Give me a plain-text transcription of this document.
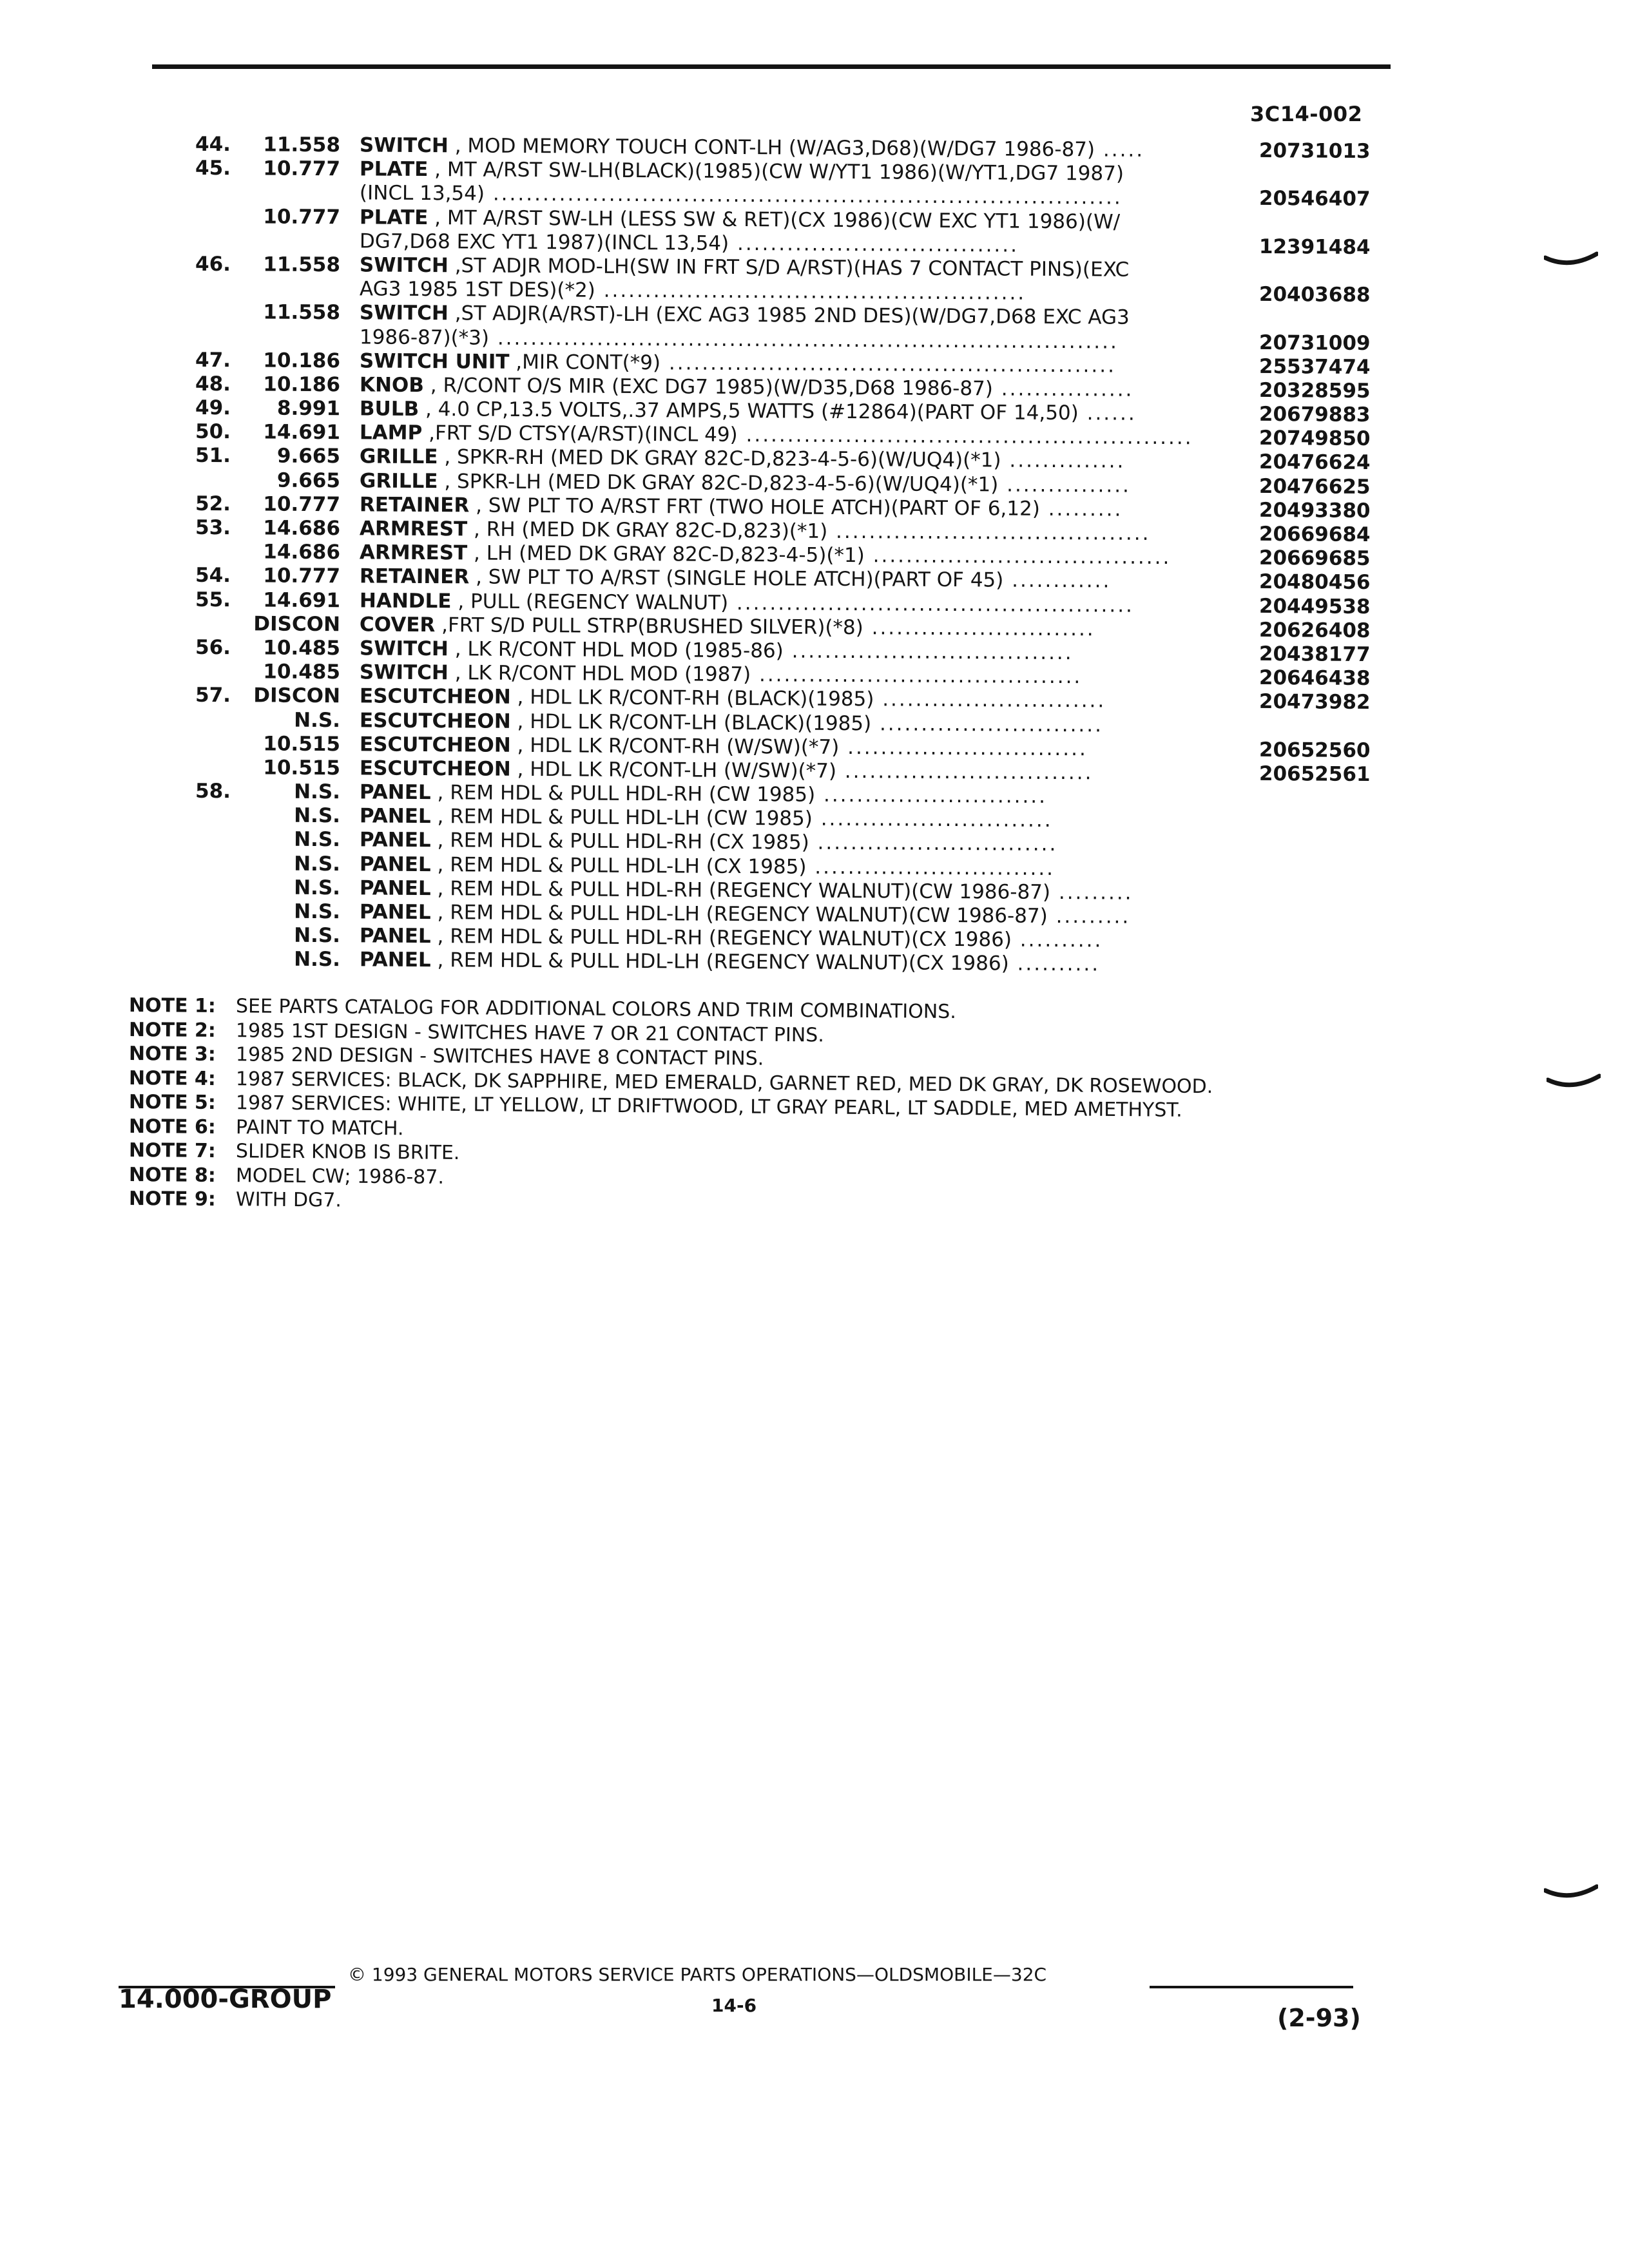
3C14-002
44.	11.558 SWITCH , MOD MEMORY TOUCH CONT-LH (W/AG3,D68)(W/DG7 1986-87) .....	20731013
45.	10.777 PLATE , MT A/RST SW-LH(BLACK)(1985)(CW W/YT1 1986)(W/YT1,DG7 1987)
(INCL 13,54) ............................................................................	20546407
10.777 PLATE , MT A/RST SW-LH (LESS SW & RET)(CX 1986)(CW EXC YT1 1986)(W/
DG7,D68 EXC YT1 1987)(INCL 13,54) ..................................	12391484
46.	11.558 SWITCH ,ST ADJR MOD-LH(SW IN FRT S/D A/RST)(HAS 7 CONTACT PINS)(EXC
AG3 1985 1ST DES)(*2) ...................................................	20403688
11.558 SWITCH ,ST ADJR(A/RST)-LH (EXC AG3 1985 2ND DES)(W/DG7,D68 EXC AG3
1986-87)(*3) ...........................................................................	20731009
47.	10.186 SWITCH UNIT ,MIR CONT(*9) ......................................................	25537474
48.	10.186 KNOB , R/CONT O/S MIR (EXC DG7 1985)(W/D35,D68 1986-87) ................	20328595
49.	8.991 BULB , 4.0 CP,13.5 VOLTS,.37 AMPS,5 WATTS (#12864)(PART OF 14,50) ......	20679883
50.	14.691 LAMP ,FRT S/D CTSY(A/RST)(INCL 49) ......................................................	20749850
51.	9.665 GRILLE , SPKR-RH (MED DK GRAY 82C-D,823-4-5-6)(W/UQ4)(*1) ..............	20476624
9.665 GRILLE , SPKR-LH (MED DK GRAY 82C-D,823-4-5-6)(W/UQ4)(*1) ...............	20476625
52.	10.777 RETAINER , SW PLT TO A/RST FRT (TWO HOLE ATCH)(PART OF 6,12) .........	20493380
53.	14.686 ARMREST , RH (MED DK GRAY 82C-D,823)(*1) ......................................	20669684
14.686 ARMREST , LH (MED DK GRAY 82C-D,823-4-5)(*1) ....................................	20669685
54.	10.777 RETAINER , SW PLT TO A/RST (SINGLE HOLE ATCH)(PART OF 45) ............	20480456
55.	14.691 HANDLE , PULL (REGENCY WALNUT) ................................................	20449538
DISCON COVER ,FRT S/D PULL STRP(BRUSHED SILVER)(*8) ...........................	20626408
56.	10.485 SWITCH , LK R/CONT HDL MOD (1985-86) ..................................	20438177
10.485 SWITCH , LK R/CONT HDL MOD (1987) .......................................	20646438
57.	DISCON ESCUTCHEON , HDL LK R/CONT-RH (BLACK)(1985) ...........................	20473982
N.S. ESCUTCHEON , HDL LK R/CONT-LH (BLACK)(1985) ...........................
10.515 ESCUTCHEON , HDL LK R/CONT-RH (W/SW)(*7) .............................	20652560
10.515 ESCUTCHEON , HDL LK R/CONT-LH (W/SW)(*7) ..............................	20652561
58.	N.S. PANEL , REM HDL & PULL HDL-RH (CW 1985) ...........................
N.S. PANEL , REM HDL & PULL HDL-LH (CW 1985) ............................
N.S. PANEL , REM HDL & PULL HDL-RH (CX 1985) .............................
N.S. PANEL , REM HDL & PULL HDL-LH (CX 1985) .............................
N.S. PANEL , REM HDL & PULL HDL-RH (REGENCY WALNUT)(CW 1986-87) .........
N.S. PANEL , REM HDL & PULL HDL-LH (REGENCY WALNUT)(CW 1986-87) .........
N.S. PANEL , REM HDL & PULL HDL-RH (REGENCY WALNUT)(CX 1986) ..........
N.S. PANEL , REM HDL & PULL HDL-LH (REGENCY WALNUT)(CX 1986) ..........
NOTE 1: SEE PARTS CATALOG FOR ADDITIONAL COLORS AND TRIM COMBINATIONS.
NOTE 2: 1985 1ST DESIGN - SWITCHES HAVE 7 OR 21 CONTACT PINS.
NOTE 3: 1985 2ND DESIGN - SWITCHES HAVE 8 CONTACT PINS.
NOTE 4: 1987 SERVICES: BLACK, DK SAPPHIRE, MED EMERALD, GARNET RED, MED DK GRAY, DK ROSEWOOD.
NOTE 5: 1987 SERVICES: WHITE, LT YELLOW, LT DRIFTWOOD, LT GRAY PEARL, LT SADDLE, MED AMETHYST.
NOTE 6: PAINT TO MATCH.
NOTE 7: SLIDER KNOB IS BRITE.
NOTE 8: MODEL CW; 1986-87.
NOTE 9: WITH DG7.
14.000-GROUP
© 1993 GENERAL MOTORS SERVICE PARTS OPERATIONS—OLDSMOBILE—32C
14-6	(2-93)
